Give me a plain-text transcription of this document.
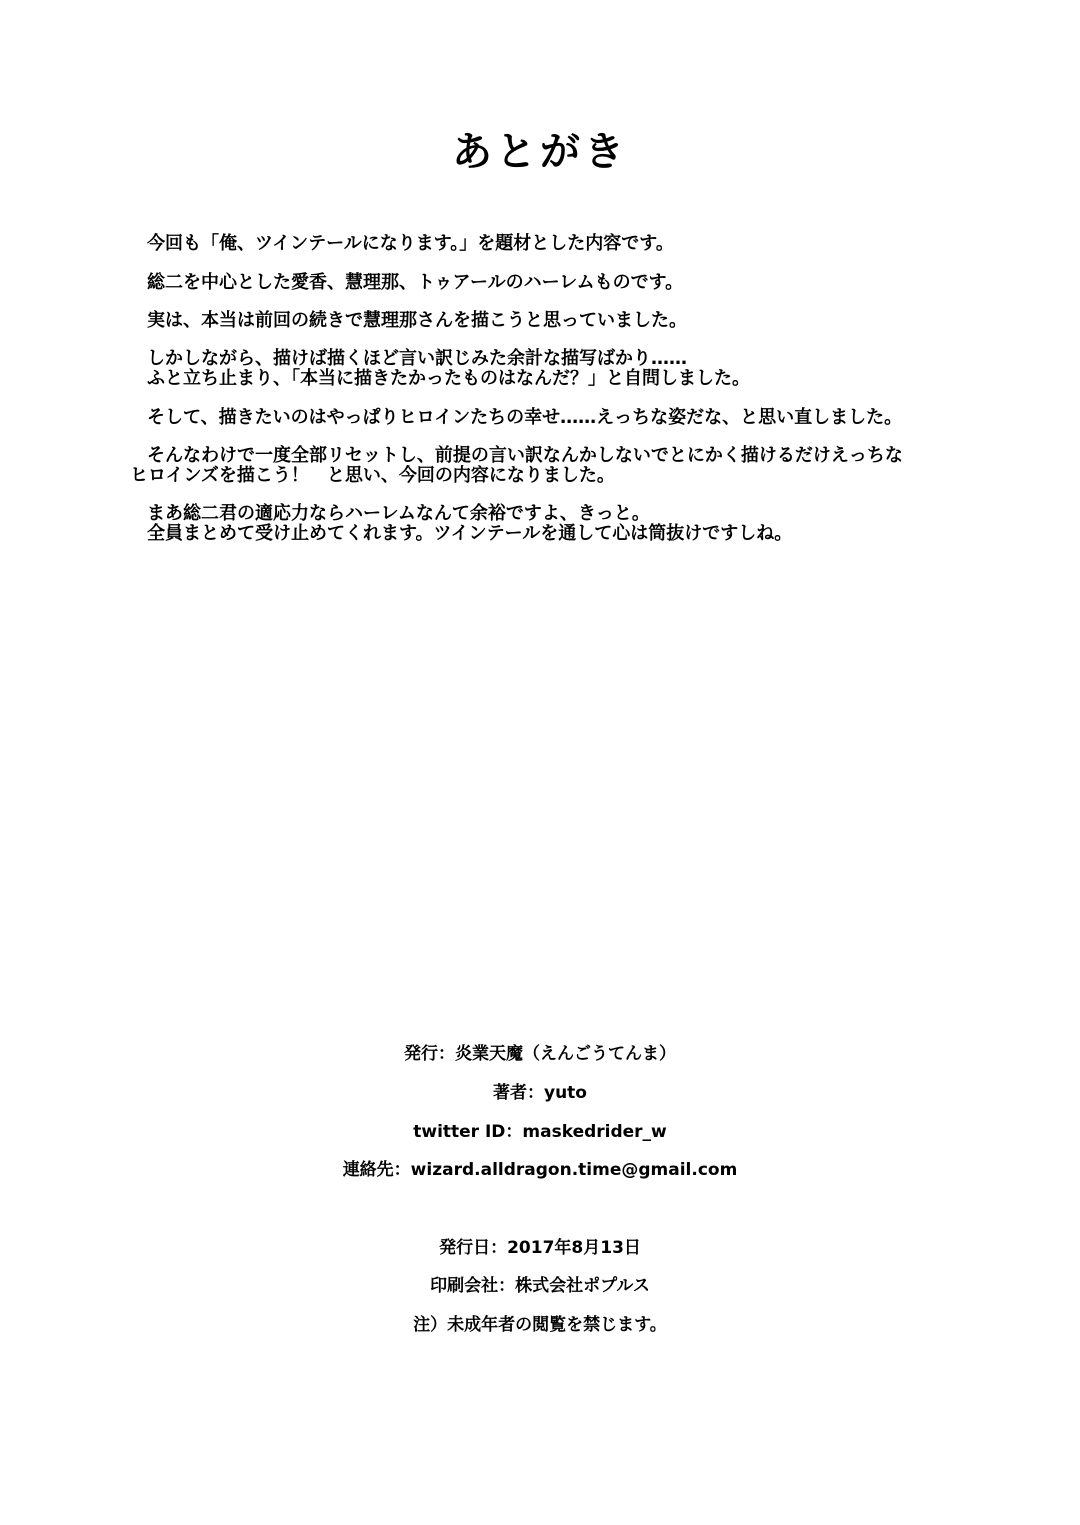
あとがき
今回も「俺、ツインテールになります。」を題材とした内容です。
総二を中心とした愛香、慧理那、トゥアールのハーレムものです。
実は、本当は前回の続きで慧理那さんを描こうと思っていました。
しかしながら、描けば描くほど言い訳じみた余計な描写ばかり……
ふと立ち止まり、「本当に描きたかったものはなんだ？」と自問しました。
そして、描きたいのはやっぱりヒロインたちの幸せ……えっちな姿だな、と思い直しました。
そんなわけで一度全部リセットし、前提の言い訳なんかしないでとにかく描けるだけえっちな
ヒロインズを描こう！　と思い、今回の内容になりました。
まあ総二君の適応力ならハーレムなんて余裕ですよ、きっと。
全員まとめて受け止めてくれます。ツインテールを通して心は筒抜けですしね。
発行：炎業天魔（えんごうてんま）
著者：yuto
twitter ID：maskedrider_w
連絡先：wizard.alldragon.time@gmail.com
発行日：2017年8月13日
印刷会社：株式会社ポプルス
注）未成年者の閲覧を禁じます。
